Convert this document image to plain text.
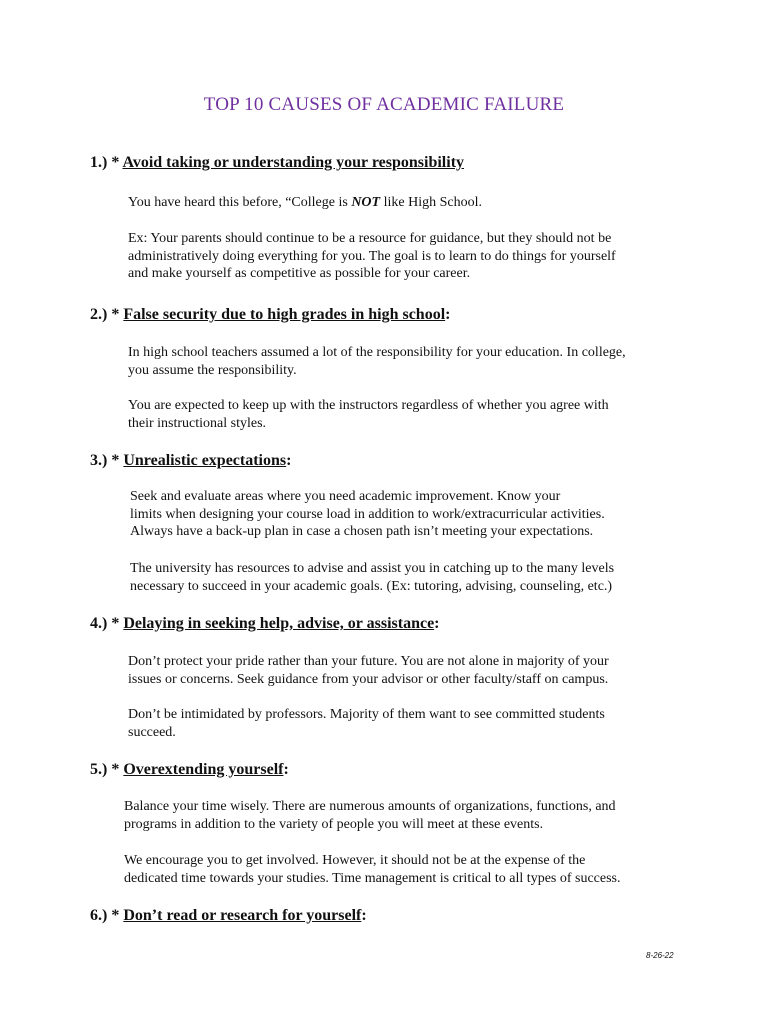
TOP 10 CAUSES OF ACADEMIC FAILURE
1.) * Avoid taking or understanding your responsibility
You have heard this before, “College is NOT like High School.
Ex: Your parents should continue to be a resource for guidance, but they should not be
administratively doing everything for you. The goal is to learn to do things for yourself
and make yourself as competitive as possible for your career.
2.) * False security due to high grades in high school:
In high school teachers assumed a lot of the responsibility for your education. In college,
you assume the responsibility.
You are expected to keep up with the instructors regardless of whether you agree with
their instructional styles.
3.) * Unrealistic expectations:
Seek and evaluate areas where you need academic improvement. Know your
limits when designing your course load in addition to work/extracurricular activities.
Always have a back-up plan in case a chosen path isn’t meeting your expectations.
The university has resources to advise and assist you in catching up to the many levels
necessary to succeed in your academic goals. (Ex: tutoring, advising, counseling, etc.)
4.) * Delaying in seeking help, advise, or assistance:
Don’t protect your pride rather than your future. You are not alone in majority of your
issues or concerns. Seek guidance from your advisor or other faculty/staff on campus.
Don’t be intimidated by professors. Majority of them want to see committed students
succeed.
5.) * Overextending yourself:
Balance your time wisely. There are numerous amounts of organizations, functions, and
programs in addition to the variety of people you will meet at these events.
We encourage you to get involved. However, it should not be at the expense of the
dedicated time towards your studies. Time management is critical to all types of success.
6.) * Don’t read or research for yourself:
8-26-22
